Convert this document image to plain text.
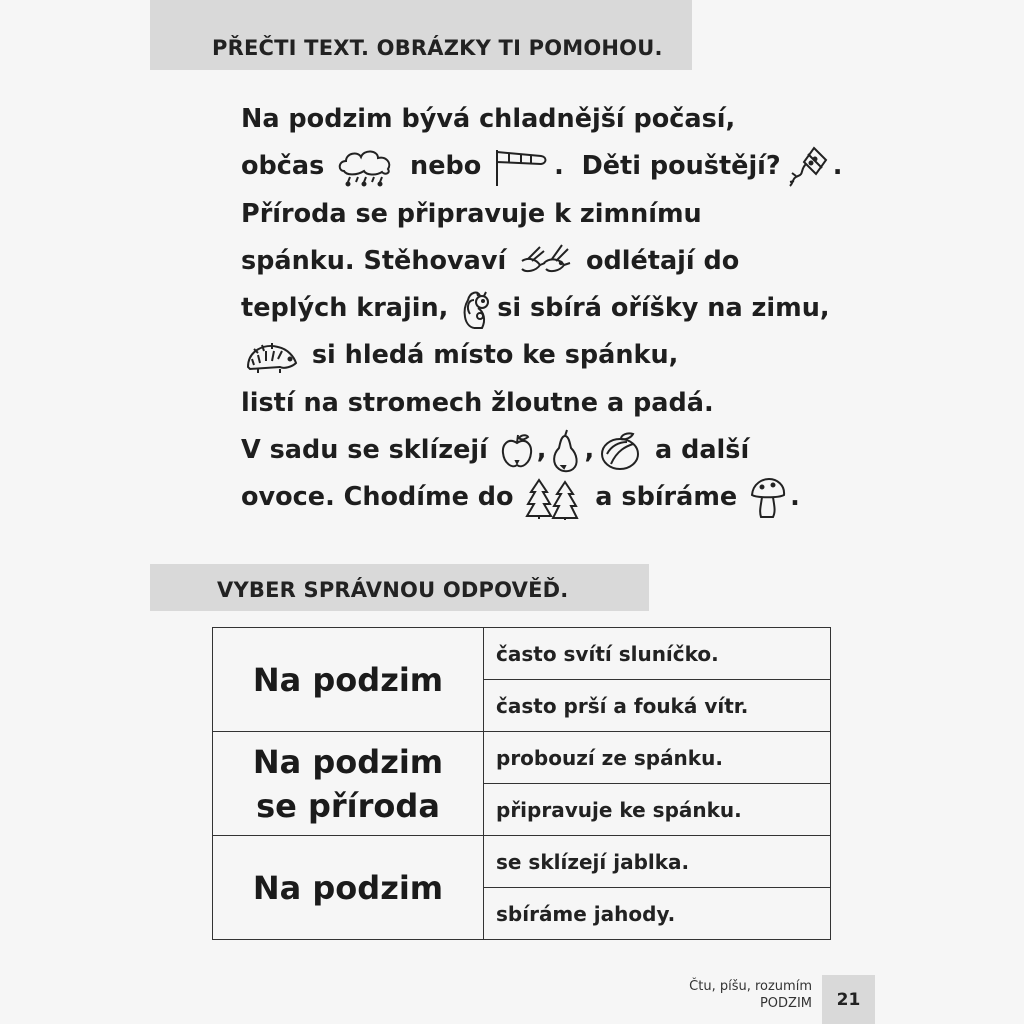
PŘEČTI TEXT. OBRÁZKY TI POMOHOU.
Na podzim bývá chladnější počasí,
občas	nebo	.  Děti pouštějí? .
Příroda se připravuje k zimnímu
spánku. Stěhovaví odlétají do
teplých krajin, si sbírá oříšky na zimu,
si hledá místo ke spánku,
listí na stromech žloutne a padá.
V sadu se sklízejí , , a další
ovoce. Chodíme do	a sbíráme .
VYBER SPRÁVNOU ODPOVĚĎ.
Na podzim	často svítí sluníčko.
	často prší a fouká vítr.

Na podzim
se příroda	probouzí ze spánku.
	připravuje ke spánku.

Na podzim	se sklízejí jablka.
	sbíráme jahody.
Čtu, píšu, rozumím
PODZIM 21
